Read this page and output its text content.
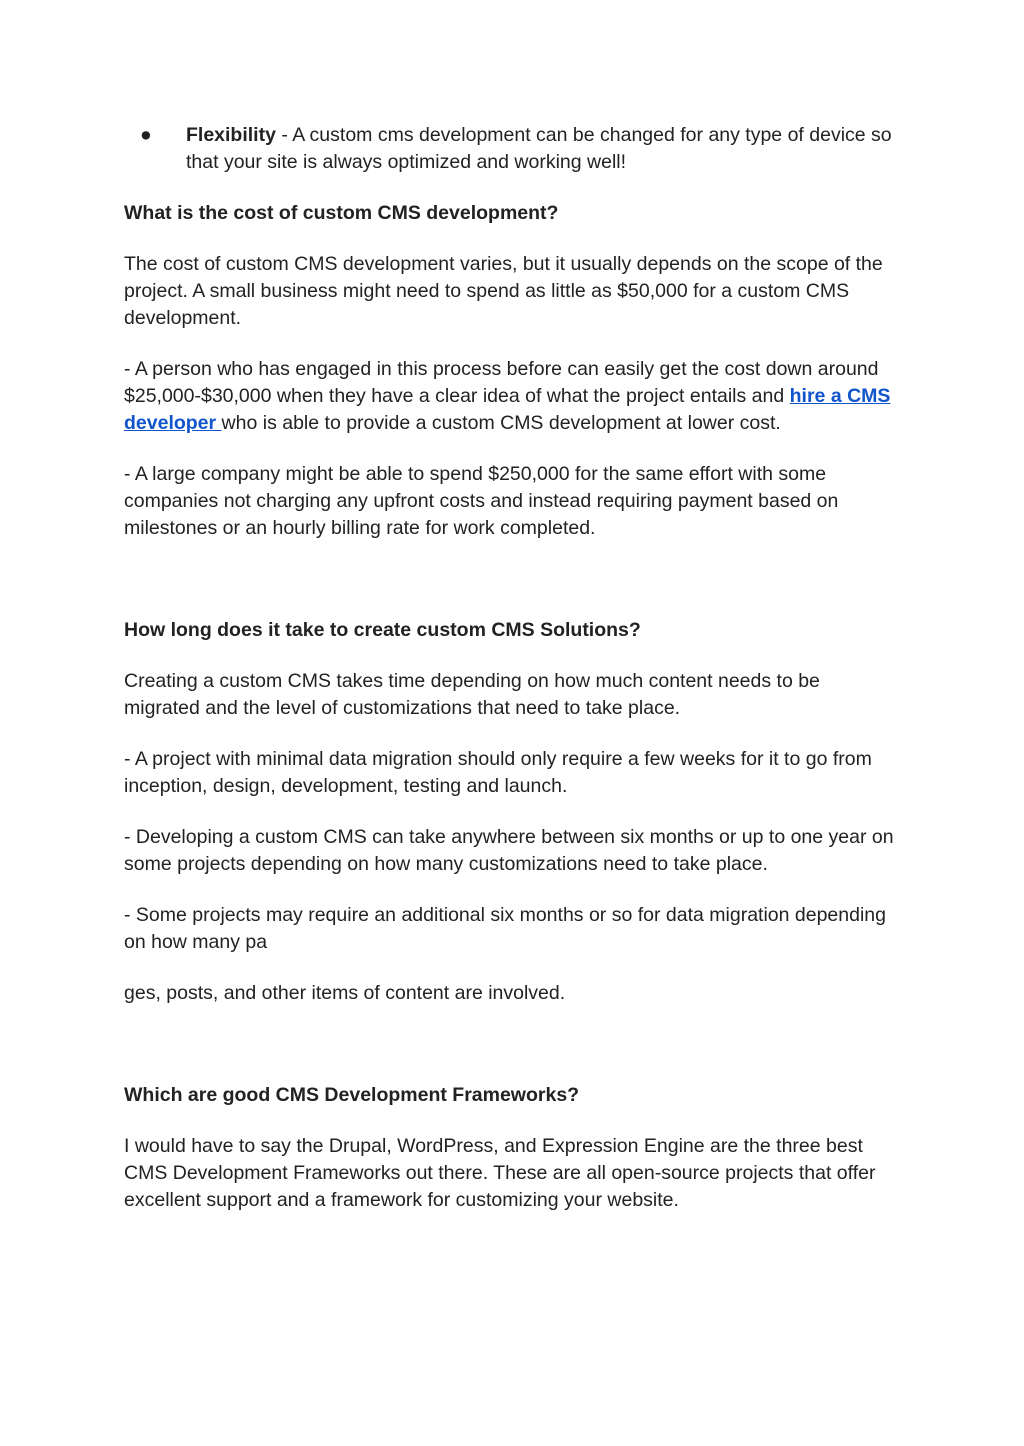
● Flexibility - A custom cms development can be changed for any type of device so that your site is always optimized and working well!

What is the cost of custom CMS development?

The cost of custom CMS development varies, but it usually depends on the scope of the project. A small business might need to spend as little as $50,000 for a custom CMS development.

- A person who has engaged in this process before can easily get the cost down around $25,000-$30,000 when they have a clear idea of what the project entails and hire a CMS developer who is able to provide a custom CMS development at lower cost.

- A large company might be able to spend $250,000 for the same effort with some companies not charging any upfront costs and instead requiring payment based on milestones or an hourly billing rate for work completed.

How long does it take to create custom CMS Solutions?

Creating a custom CMS takes time depending on how much content needs to be migrated and the level of customizations that need to take place.

- A project with minimal data migration should only require a few weeks for it to go from inception, design, development, testing and launch.

- Developing a custom CMS can take anywhere between six months or up to one year on some projects depending on how many customizations need to take place.

- Some projects may require an additional six months or so for data migration depending on how many pa

ges, posts, and other items of content are involved.

Which are good CMS Development Frameworks?

I would have to say the Drupal, WordPress, and Expression Engine are the three best CMS Development Frameworks out there. These are all open-source projects that offer excellent support and a framework for customizing your website.
